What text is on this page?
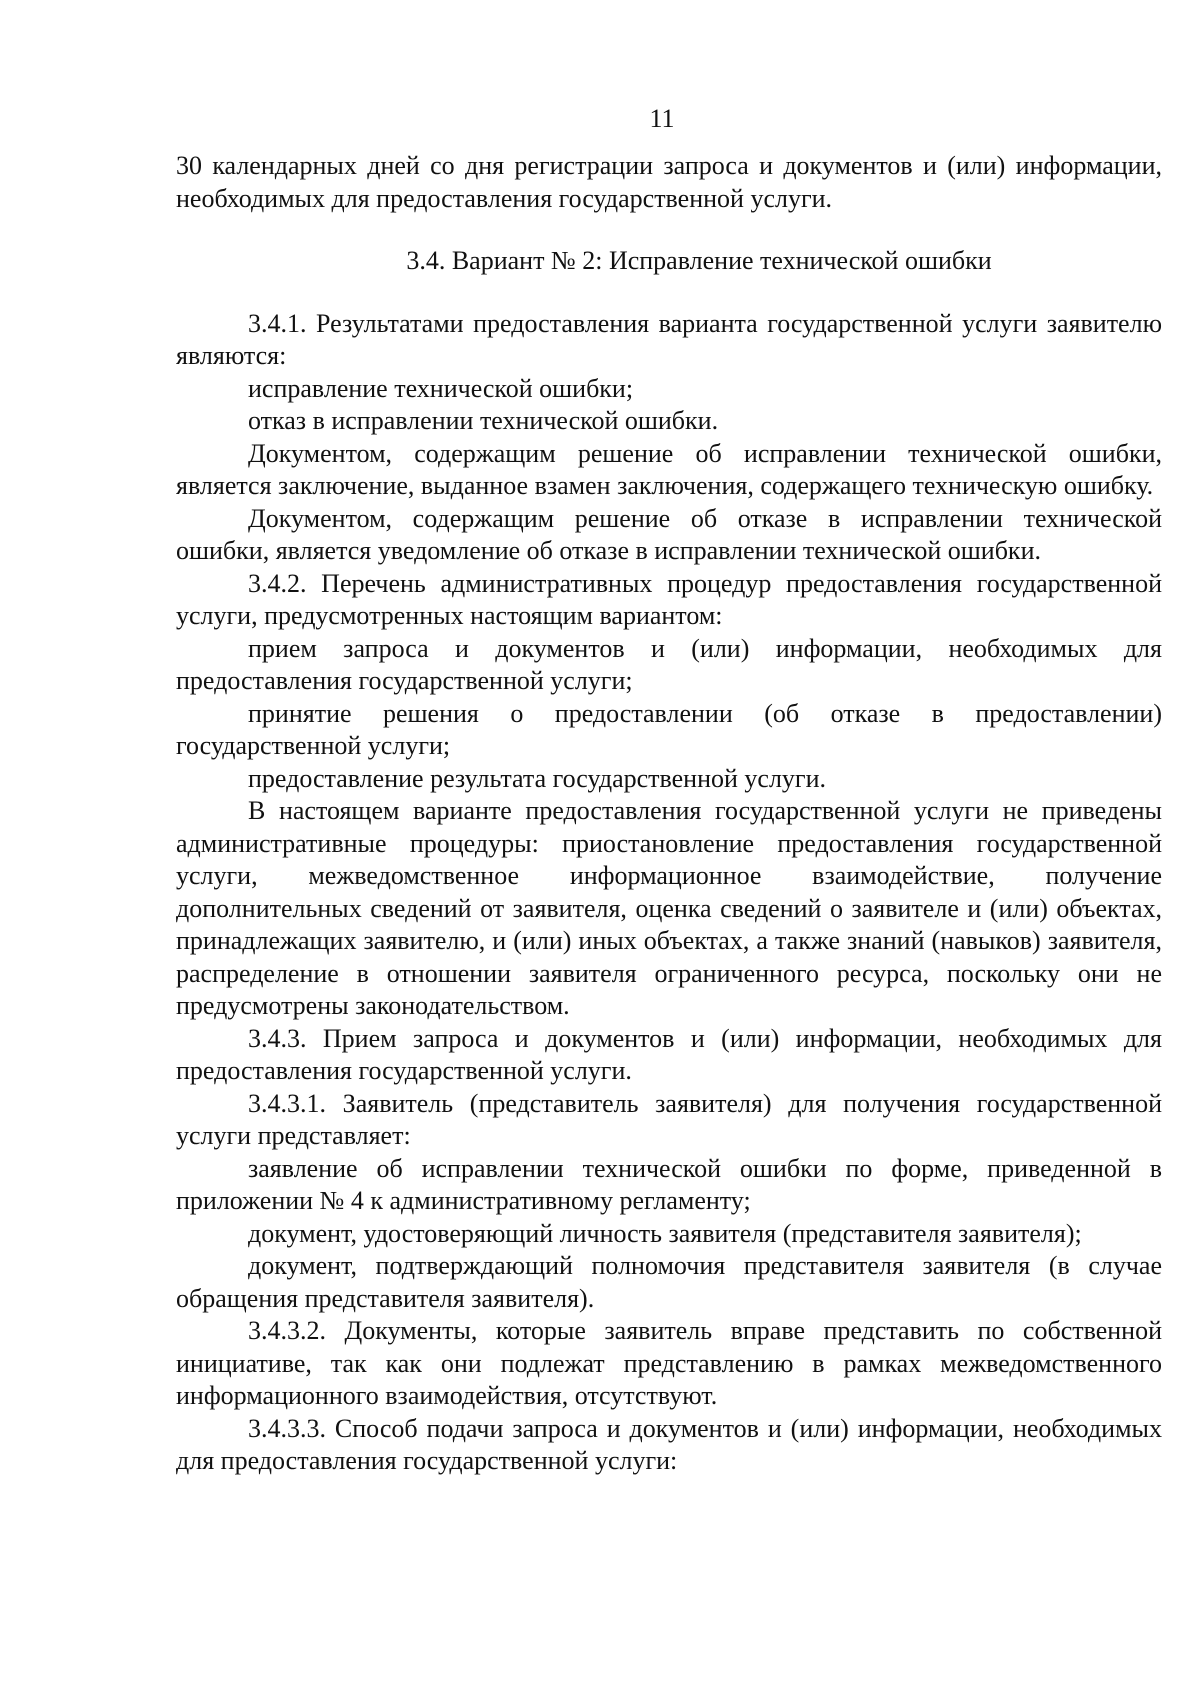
11

30 календарных дней со дня регистрации запроса и документов и (или) информации, необходимых для предоставления государственной услуги.

3.4. Вариант № 2: Исправление технической ошибки

3.4.1. Результатами предоставления варианта государственной услуги заявителю являются:

исправление технической ошибки;

отказ в исправлении технической ошибки.

Документом, содержащим решение об исправлении технической ошибки, является заключение, выданное взамен заключения, содержащего техническую ошибку.

Документом, содержащим решение об отказе в исправлении технической ошибки, является уведомление об отказе в исправлении технической ошибки.

3.4.2. Перечень административных процедур предоставления государственной услуги, предусмотренных настоящим вариантом:

прием запроса и документов и (или) информации, необходимых для предоставления государственной услуги;

принятие решения о предоставлении (об отказе в предоставлении) государственной услуги;

предоставление результата государственной услуги.

В настоящем варианте предоставления государственной услуги не приведены административные процедуры: приостановление предоставления государственной услуги, межведомственное информационное взаимодействие, получение дополнительных сведений от заявителя, оценка сведений о заявителе и (или) объектах, принадлежащих заявителю, и (или) иных объектах, а также знаний (навыков) заявителя, распределение в отношении заявителя ограниченного ресурса, поскольку они не предусмотрены законодательством.

3.4.3. Прием запроса и документов и (или) информации, необходимых для предоставления государственной услуги.

3.4.3.1. Заявитель (представитель заявителя) для получения государственной услуги представляет:

заявление об исправлении технической ошибки по форме, приведенной в приложении № 4 к административному регламенту;

документ, удостоверяющий личность заявителя (представителя заявителя);

документ, подтверждающий полномочия представителя заявителя (в случае обращения представителя заявителя).

3.4.3.2. Документы, которые заявитель вправе представить по собственной инициативе, так как они подлежат представлению в рамках межведомственного информационного взаимодействия, отсутствуют.

3.4.3.3. Способ подачи запроса и документов и (или) информации, необходимых для предоставления государственной услуги:
